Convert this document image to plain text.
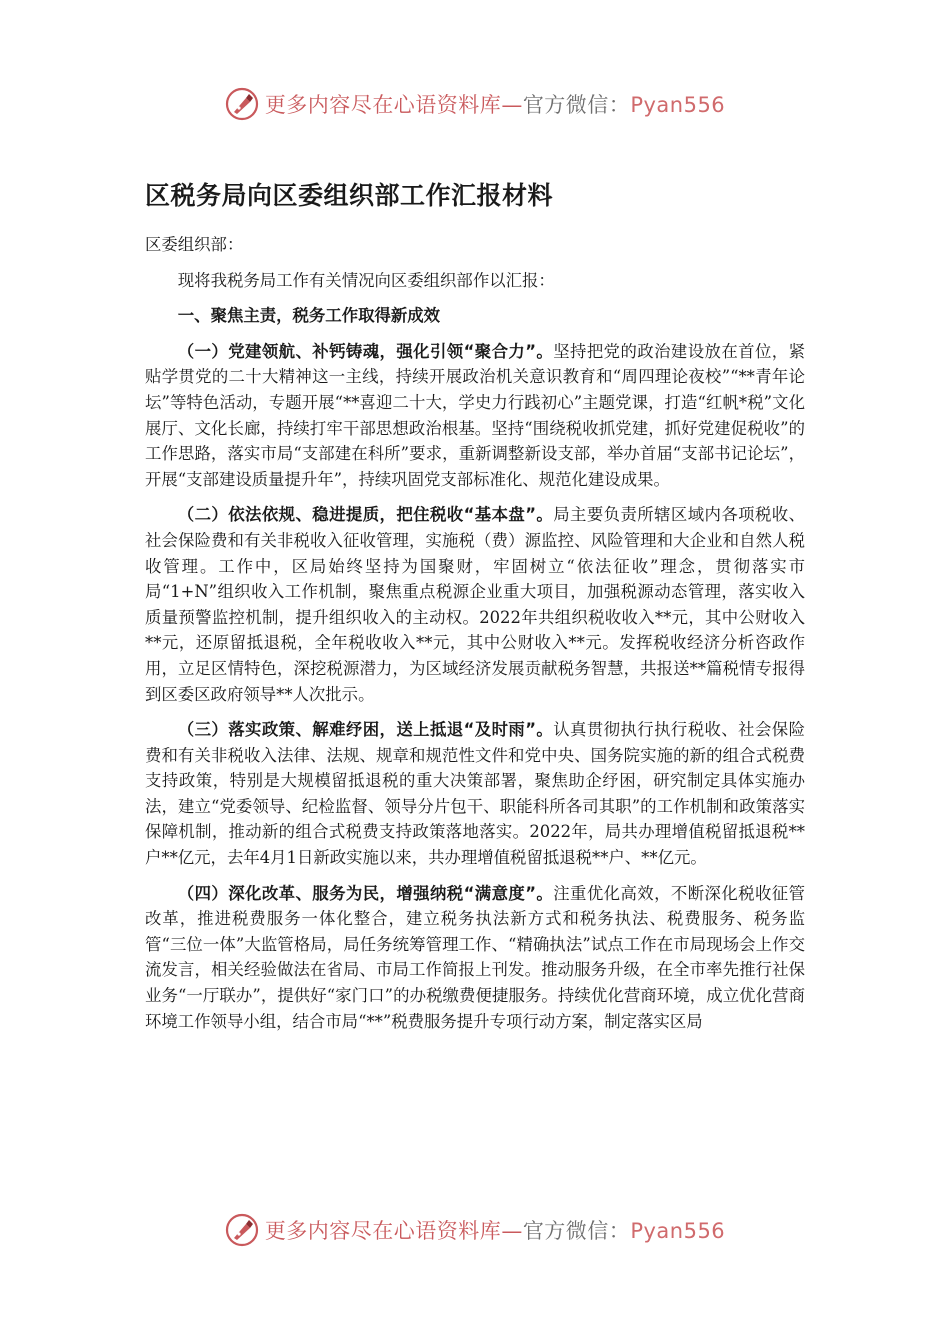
更多内容尽在心语资料库—官方微信：Pyan556
区税务局向区委组织部工作汇报材料

区委组织部：

现将我税务局工作有关情况向区委组织部作以汇报：

一、聚焦主责，税务工作取得新成效

（一）党建领航、补钙铸魂，强化引领“聚合力”。坚持把党的政治建设放在首位，紧贴学贯党的二十大精神这一主线，持续开展政治机关意识教育和“周四理论夜校”“**青年论坛”等特色活动，专题开展“**喜迎二十大，学史力行践初心”主题党课，打造“红帆*税”文化展厅、文化长廊，持续打牢干部思想政治根基。坚持“围绕税收抓党建，抓好党建促税收”的工作思路，落实市局“支部建在科所”要求，重新调整新设支部，举办首届“支部书记论坛”，开展“支部建设质量提升年”，持续巩固党支部标准化、规范化建设成果。

（二）依法依规、稳进提质，把住税收“基本盘”。局主要负责所辖区域内各项税收、社会保险费和有关非税收入征收管理，实施税（费）源监控、风险管理和大企业和自然人税收管理。工作中，区局始终坚持为国聚财，牢固树立“依法征收”理念，贯彻落实市局“1+N”组织收入工作机制，聚焦重点税源企业重大项目，加强税源动态管理，落实收入质量预警监控机制，提升组织收入的主动权。2022年共组织税收收入**元，其中公财收入**元，还原留抵退税，全年税收收入**元，其中公财收入**元。发挥税收经济分析咨政作用，立足区情特色，深挖税源潜力，为区域经济发展贡献税务智慧，共报送**篇税情专报得到区委区政府领导**人次批示。

（三）落实政策、解难纾困，送上抵退“及时雨”。认真贯彻执行执行税收、社会保险费和有关非税收入法律、法规、规章和规范性文件和党中央、国务院实施的新的组合式税费支持政策，特别是大规模留抵退税的重大决策部署，聚焦助企纾困，研究制定具体实施办法，建立“党委领导、纪检监督、领导分片包干、职能科所各司其职”的工作机制和政策落实保障机制，推动新的组合式税费支持政策落地落实。2022年，局共办理增值税留抵退税**户**亿元，去年4月1日新政实施以来，共办理增值税留抵退税**户、**亿元。

（四）深化改革、服务为民，增强纳税“满意度”。注重优化高效，不断深化税收征管改革，推进税费服务一体化整合，建立税务执法新方式和税务执法、税费服务、税务监管“三位一体”大监管格局，局任务统筹管理工作、“精确执法”试点工作在市局现场会上作交流发言，相关经验做法在省局、市局工作简报上刊发。推动服务升级，在全市率先推行社保业务“一厅联办”，提供好“家门口”的办税缴费便捷服务。持续优化营商环境，成立优化营商环境工作领导小组，结合市局“**”税费服务提升专项行动方案，制定落实区局

更多内容尽在心语资料库—官方微信：Pyan556
